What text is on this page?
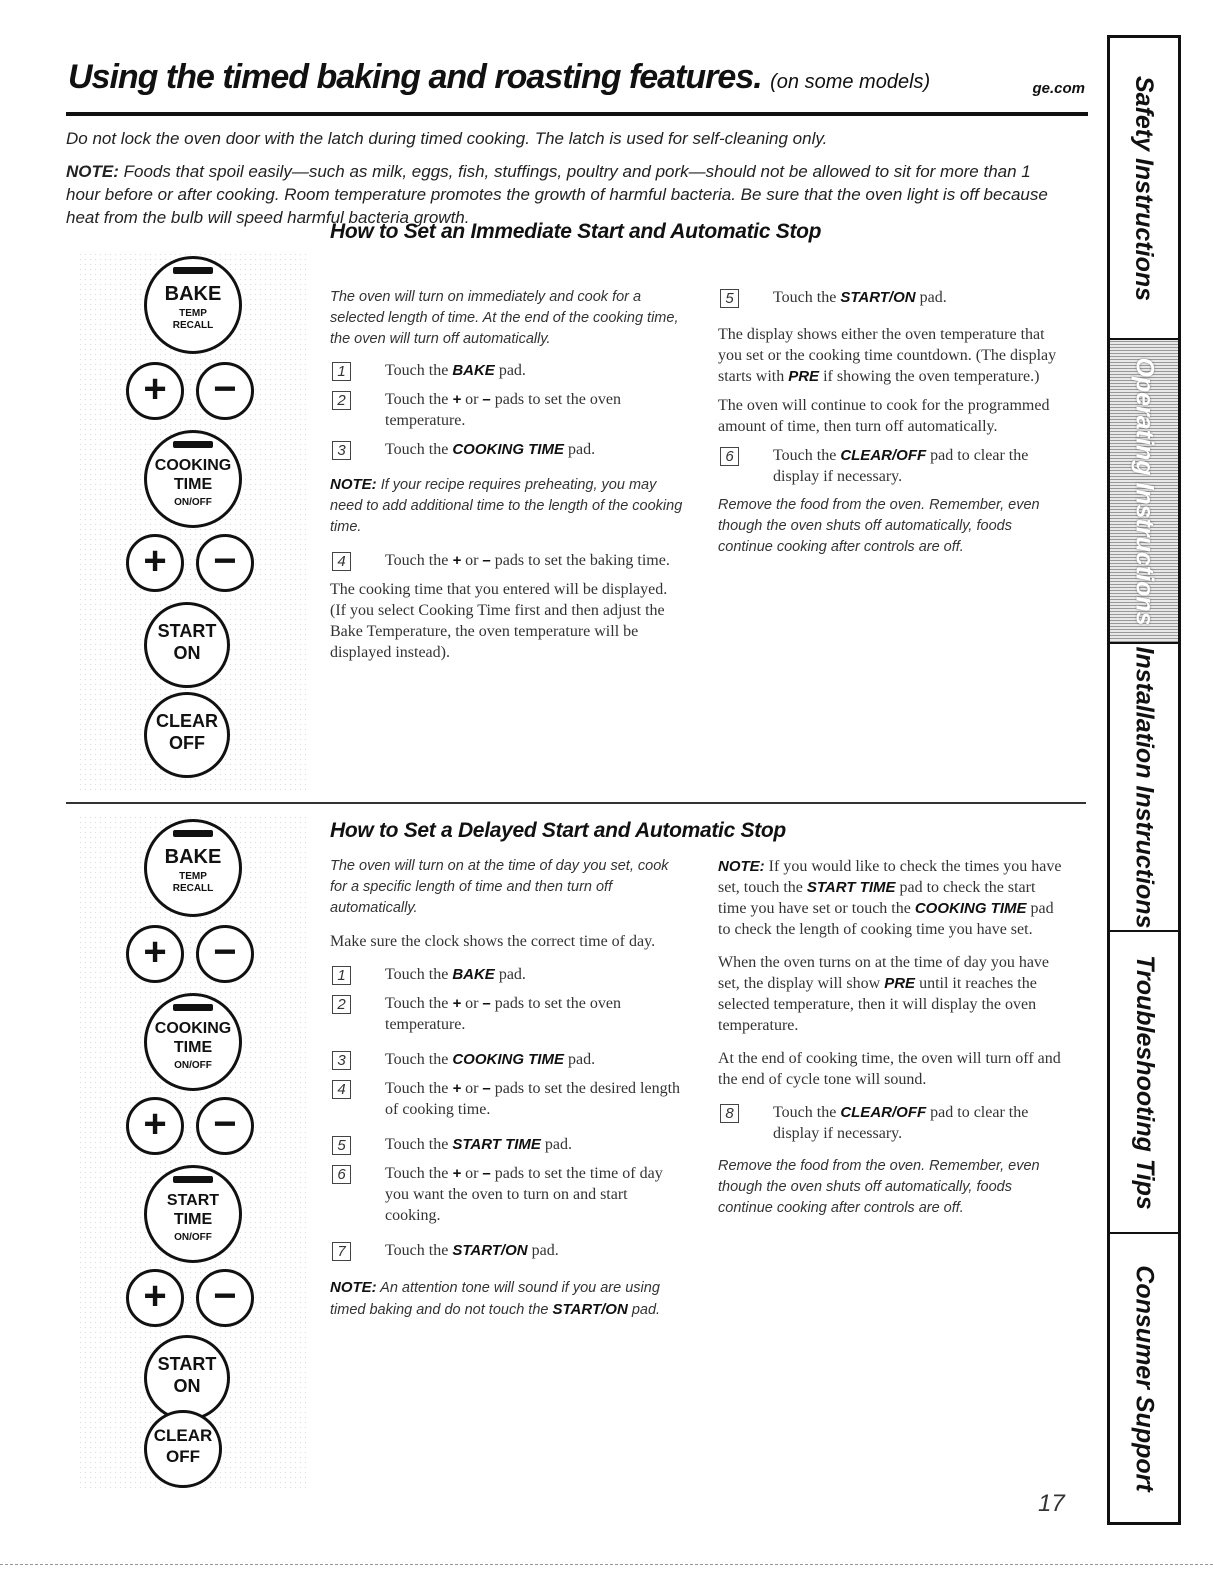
Using the timed baking and roasting features. (on some models)	ge.com
Do not lock the oven door with the latch during timed cooking. The latch is used for self-cleaning only.
NOTE: Foods that spoil easily—such as milk, eggs, fish, stuffings, poultry and pork—should not be allowed to sit for more than 1 hour before or after cooking. Room temperature promotes the growth of harmful bacteria. Be sure that the oven light is off because heat from the bulb will speed harmful bacteria growth.
BAKE
TEMP
RECALL
+	−
COOKING
TIME
ON/OFF
+	−
START
ON
CLEAR
OFF
How to Set an Immediate Start and Automatic Stop
The oven will turn on immediately and cook for a selected length of time. At the end of the cooking time, the oven will turn off automatically.
1	Touch the BAKE pad.
2	Touch the + or – pads to set the oven temperature.
3	Touch the COOKING TIME pad.
NOTE: If your recipe requires preheating, you may need to add additional time to the length of the cooking time.
4	Touch the + or – pads to set the baking time.
The cooking time that you entered will be displayed. (If you select Cooking Time first and then adjust the Bake Temperature, the oven temperature will be displayed instead).
5	Touch the START/ON pad.
The display shows either the oven temperature that you set or the cooking time countdown. (The display starts with PRE if showing the oven temperature.)
The oven will continue to cook for the programmed amount of time, then turn off automatically.
6	Touch the CLEAR/OFF pad to clear the display if necessary.
Remove the food from the oven. Remember, even though the oven shuts off automatically, foods continue cooking after controls are off.
BAKE
TEMP
RECALL
+	−
COOKING
TIME
ON/OFF
+	−
START
TIME
ON/OFF
+	−
START
ON
CLEAR
OFF
How to Set a Delayed Start and Automatic Stop
The oven will turn on at the time of day you set, cook for a specific length of time and then turn off automatically.
Make sure the clock shows the correct time of day.
1	Touch the BAKE pad.
2	Touch the + or – pads to set the oven temperature.
3	Touch the COOKING TIME pad.
4	Touch the + or – pads to set the desired length of cooking time.
5	Touch the START TIME pad.
6	Touch the + or – pads to set the time of day you want the oven to turn on and start cooking.
7	Touch the START/ON pad.
NOTE: An attention tone will sound if you are using timed baking and do not touch the START/ON pad.
NOTE: If you would like to check the times you have set, touch the START TIME pad to check the start time you have set or touch the COOKING TIME pad to check the length of cooking time you have set.
When the oven turns on at the time of day you have set, the display will show PRE until it reaches the selected temperature, then it will display the oven temperature.
At the end of cooking time, the oven will turn off and the end of cycle tone will sound.
8	Touch the CLEAR/OFF pad to clear the display if necessary.
Remove the food from the oven. Remember, even though the oven shuts off automatically, foods continue cooking after controls are off.
Safety Instructions
Operating Instructions
Installation Instructions
Troubleshooting Tips
Consumer Support
17
